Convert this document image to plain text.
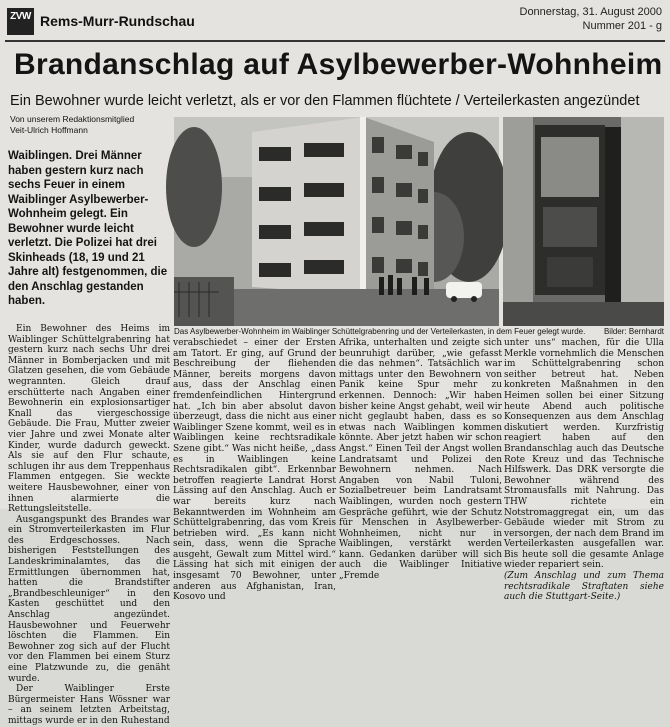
ZVW Rems-Murr-Rundschau
Donnerstag, 31. August 2000
Nummer 201 - g
Brandanschlag auf Asylbewerber-Wohnheim
Ein Bewohner wurde leicht verletzt, als er vor den Flammen flüchtete / Verteilerkasten angezündet
Von unserem Redaktionsmitglied
Veit-Ulrich Hoffmann

Waiblingen. Drei Männer haben gestern kurz nach sechs Feuer in einem Waiblinger Asylbewerber-Wohnheim gelegt. Ein Bewohner wurde leicht verletzt. Die Polizei hat drei Skinheads (18, 19 und 21 Jahre alt) festgenommen, die den Anschlag gestanden haben.

Das Asylbewerber-Wohnheim im Waiblinger Schüttelgrabenring und der Verteilerkasten, in dem Feuer gelegt wurde.	Bilder: Bernhardt

Ein Bewohner des Heims im Waiblinger Schüttelgrabenring hat gestern kurz nach sechs Uhr drei Männer in Bomberjacken und mit Glatzen gesehen, die vom Gebäude wegrannten. Gleich drauf erschütterte nach Angaben einer Bewohnerin ein explosionsartiger Knall das viergeschossige Gebäude. Die Frau, Mutter zweier vier Jahre und zwei Monate alter Kinder, wurde dadurch geweckt. Als sie auf den Flur schaute, schlugen ihr aus dem Treppenhaus Flammen entgegen. Sie weckte weitere Hausbewohner, einer von ihnen alarmierte die Rettungsleitstelle.

Ausgangspunkt des Brandes war ein Stromverteilerkasten im Flur des Erdgeschosses. Nach bisherigen Feststellungen des Landeskriminalamtes, das die Ermittlungen übernommen hat, hatten die Brandstifter „Brandbeschleuniger“ in den Kasten geschüttet und den Anschlag angezündet. Hausbewohner und Feuerwehr löschten die Flammen. Ein Bewohner zog sich auf der Flucht vor den Flammen bei einem Sturz eine Platzwunde zu, die genäht wurde.

Der Waiblinger Erste Bürgermeister Hans Wössner war – an seinem letzten Arbeitstag, mittags wurde er in den Ruhestand

verabschiedet – einer der Ersten am Tatort. Er ging, auf Grund der Beschreibung der fliehenden Männer, bereits morgens davon aus, dass der Anschlag einen fremdenfeindlichen Hintergrund hat. „Ich bin aber absolut davon überzeugt, dass die nicht aus einer Waiblinger Szene kommt, weil es in Waiblingen keine rechtsradikale Szene gibt.“ Was nicht heiße, „dass es in Waiblingen keine Rechtsradikalen gibt“. Erkennbar betroffen reagierte Landrat Horst Lässing auf den Anschlag. Auch er war bereits kurz nach Bekanntwerden im Wohnheim am Schüttelgrabenring, das vom Kreis betrieben wird. „Es kann nicht sein, dass, wenn die Sprache ausgeht, Gewalt zum Mittel wird.“ Lässing hat sich mit einigen der insgesamt 70 Bewohner, unter anderen aus Afghanistan, Iran, Kosovo und

Afrika, unterhalten und zeigte sich beunruhigt darüber, „wie gefasst die das nehmen“. Tatsächlich war mittags unter den Bewohnern von Panik keine Spur mehr zu erkennen. Dennoch: „Wir haben bisher keine Angst gehabt, weil wir nicht geglaubt haben, dass es so etwas nach Waiblingen kommen könnte. Aber jetzt haben wir schon Angst.“ Einen Teil der Angst wollen Landratsamt und Polizei den Bewohnern nehmen. Nach Angaben von Nabil Tuloni, Sozialbetreuer beim Landratsamt Waiblingen, wurden noch gestern Gespräche geführt, wie der Schutz für Menschen in Asylbewerber-Wohnheimen, nicht nur in Waiblingen, verstärkt werden kann. Gedanken darüber will sich auch die Waiblinger Initiative „Fremde

unter uns“ machen, für die Ulla Merkle vornehmlich die Menschen im Schüttelgrabenring schon seither betreut hat. Neben konkreten Maßnahmen in den Heimen sollen bei einer Sitzung heute Abend auch politische Konsequenzen aus dem Anschlag diskutiert werden. Kurzfristig reagiert haben auf den Brandanschlag auch das Deutsche Rote Kreuz und das Technische Hilfswerk. Das DRK versorgte die Bewohner während des Stromausfalls mit Nahrung. Das THW richtete ein Notstromaggregat ein, um das Gebäude wieder mit Strom zu versorgen, der nach dem Brand im Verteilerkasten ausgefallen war. Bis heute soll die gesamte Anlage wieder repariert sein.

(Zum Anschlag und zum Thema rechtsradikale Straftaten siehe auch die Stuttgart-Seite.)
